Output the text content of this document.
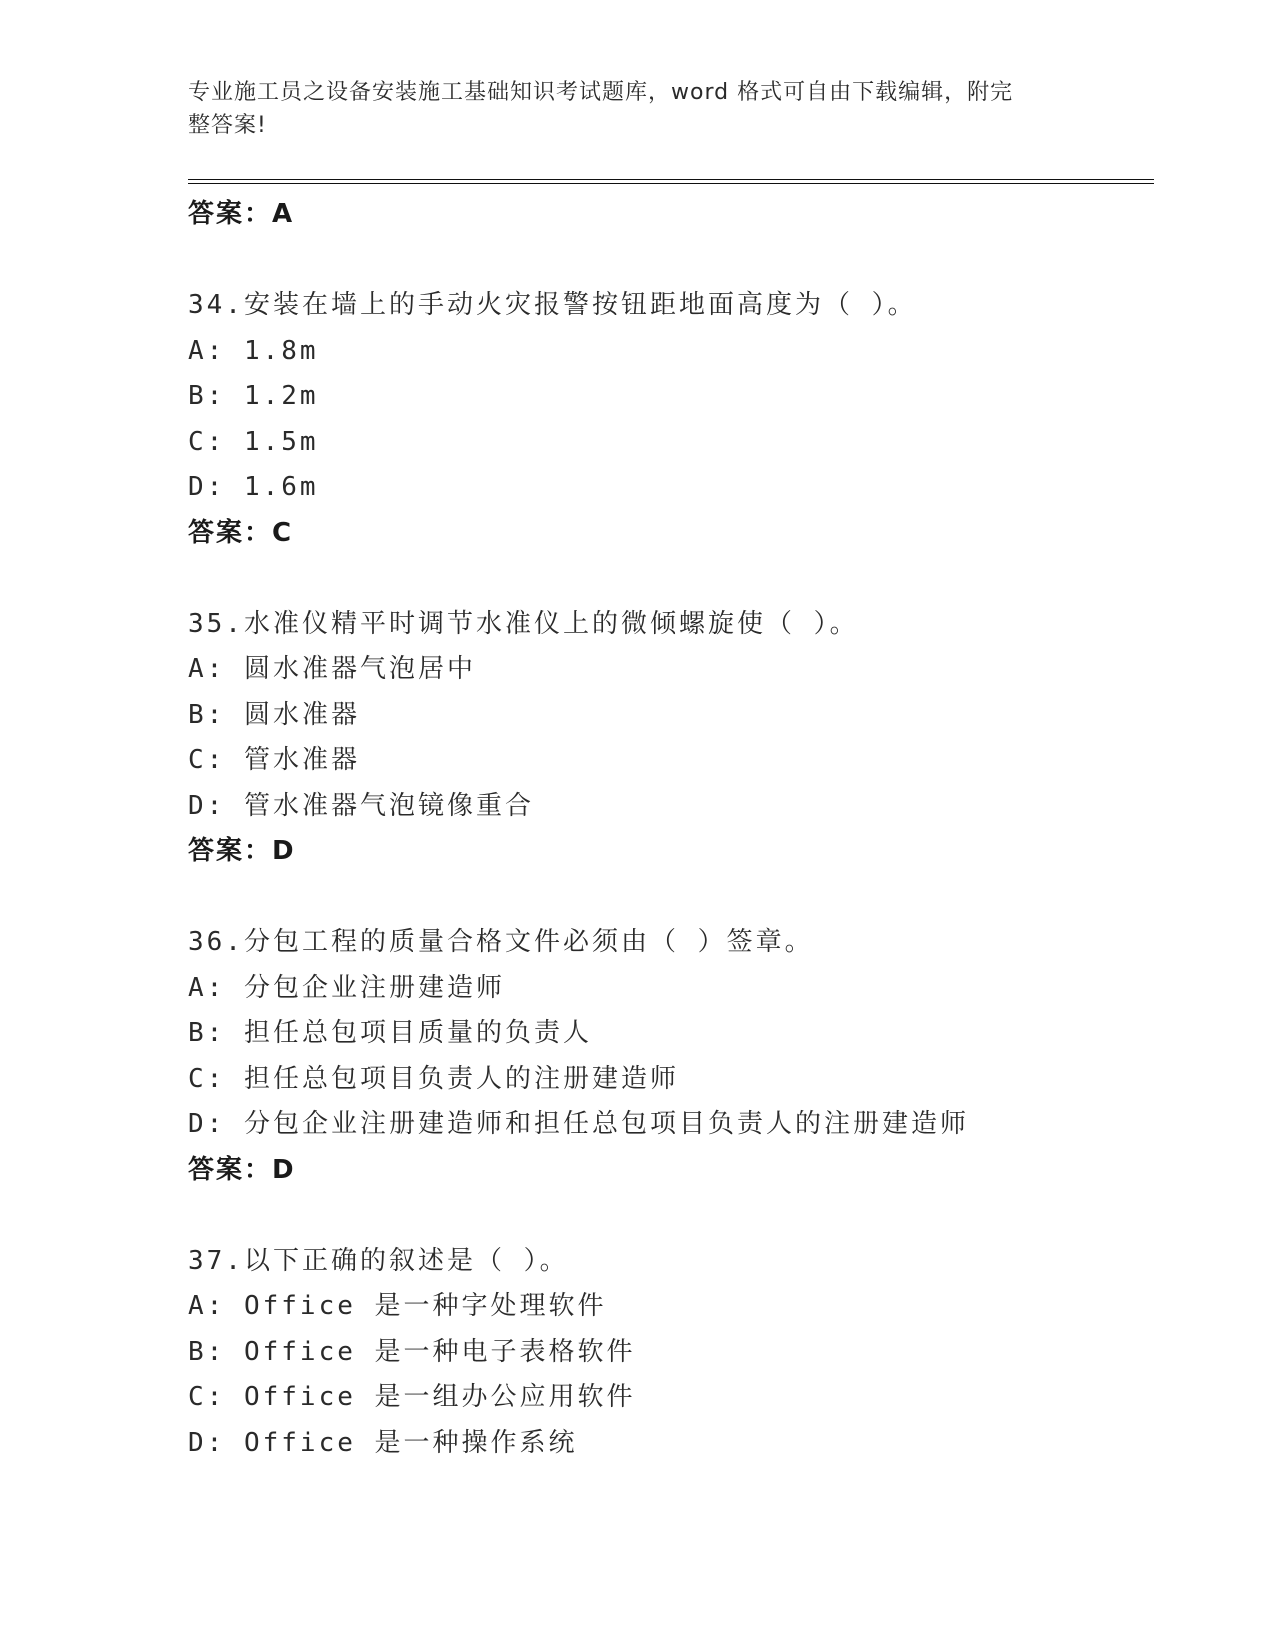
专业施工员之设备安装施工基础知识考试题库，word 格式可自由下载编辑，附完
整答案!
答案：A
34.安装在墙上的手动火灾报警按钮距地面高度为（ ）。
A: 1.8m
B: 1.2m
C: 1.5m
D: 1.6m
答案：C
35.水准仪精平时调节水准仪上的微倾螺旋使（ ）。
A: 圆水准器气泡居中
B: 圆水准器
C: 管水准器
D: 管水准器气泡镜像重合
答案：D
36.分包工程的质量合格文件必须由（ ）签章。
A: 分包企业注册建造师
B: 担任总包项目质量的负责人
C: 担任总包项目负责人的注册建造师
D: 分包企业注册建造师和担任总包项目负责人的注册建造师
答案：D
37.以下正确的叙述是（ ）。
A: Office 是一种字处理软件
B: Office 是一种电子表格软件
C: Office 是一组办公应用软件
D: Office 是一种操作系统
